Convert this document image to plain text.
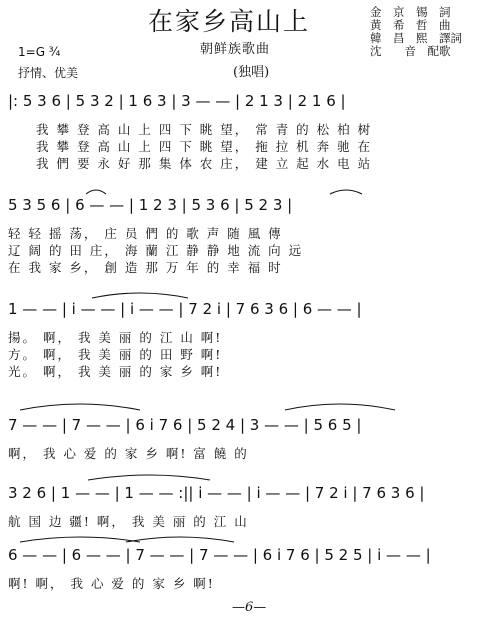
在家乡高山上
朝鲜族歌曲
(独唱)
金　京　锡　詞
黄　希　哲　曲
韓　昌　熙　譯詞
沈　　音　配歌
1=G ¾
抒情、优美
|: 5 3 6 | 5 3 2 | 1 6 3 | 3 — — | 2 1 3 | 2 1 6 |
我 攀 登 高 山 上 四 下 眺 望， 常 青 的 松 柏 树
我 攀 登 高 山 上 四 下 眺 望， 拖 拉 机 奔 驰 在
我 們 要 永 好 那 集 体 农 庄， 建 立 起 水 电 站
5 3 5 6 | 6 — — | 1 2 3 | 5 3 6 | 5 2 3 |
轻 轻 摇 荡， 庄 员 們 的 歌 声 随 風 傳
辽 阔 的 田 庄， 海 蘭 江 静 静 地 流 向 远
在 我 家 乡， 創 造 那 万 年 的 幸 福 时
1 — — | i — — | i — — | 7 2 i | 7 6 3 6 | 6 — — |
揚。 啊， 我 美 丽 的 江 山 啊!
方。 啊， 我 美 丽 的 田 野 啊!
光。 啊， 我 美 丽 的 家 乡 啊!
7 — — | 7 — — | 6 i 7 6 | 5 2 4 | 3 — — | 5 6 5 |
啊， 我 心 爱 的 家 乡 啊! 富 饒 的
3 2 6 | 1 — — | 1 — — :|| i — — | i — — | 7 2 i | 7 6 3 6 |
航 国 边 疆! 啊， 我 美 丽 的 江 山
6 — — | 6 — — | 7 — — | 7 — — | 6 i 7 6 | 5 2 5 | i — — |
啊! 啊， 我 心 爱 的 家 乡 啊!
—6—
